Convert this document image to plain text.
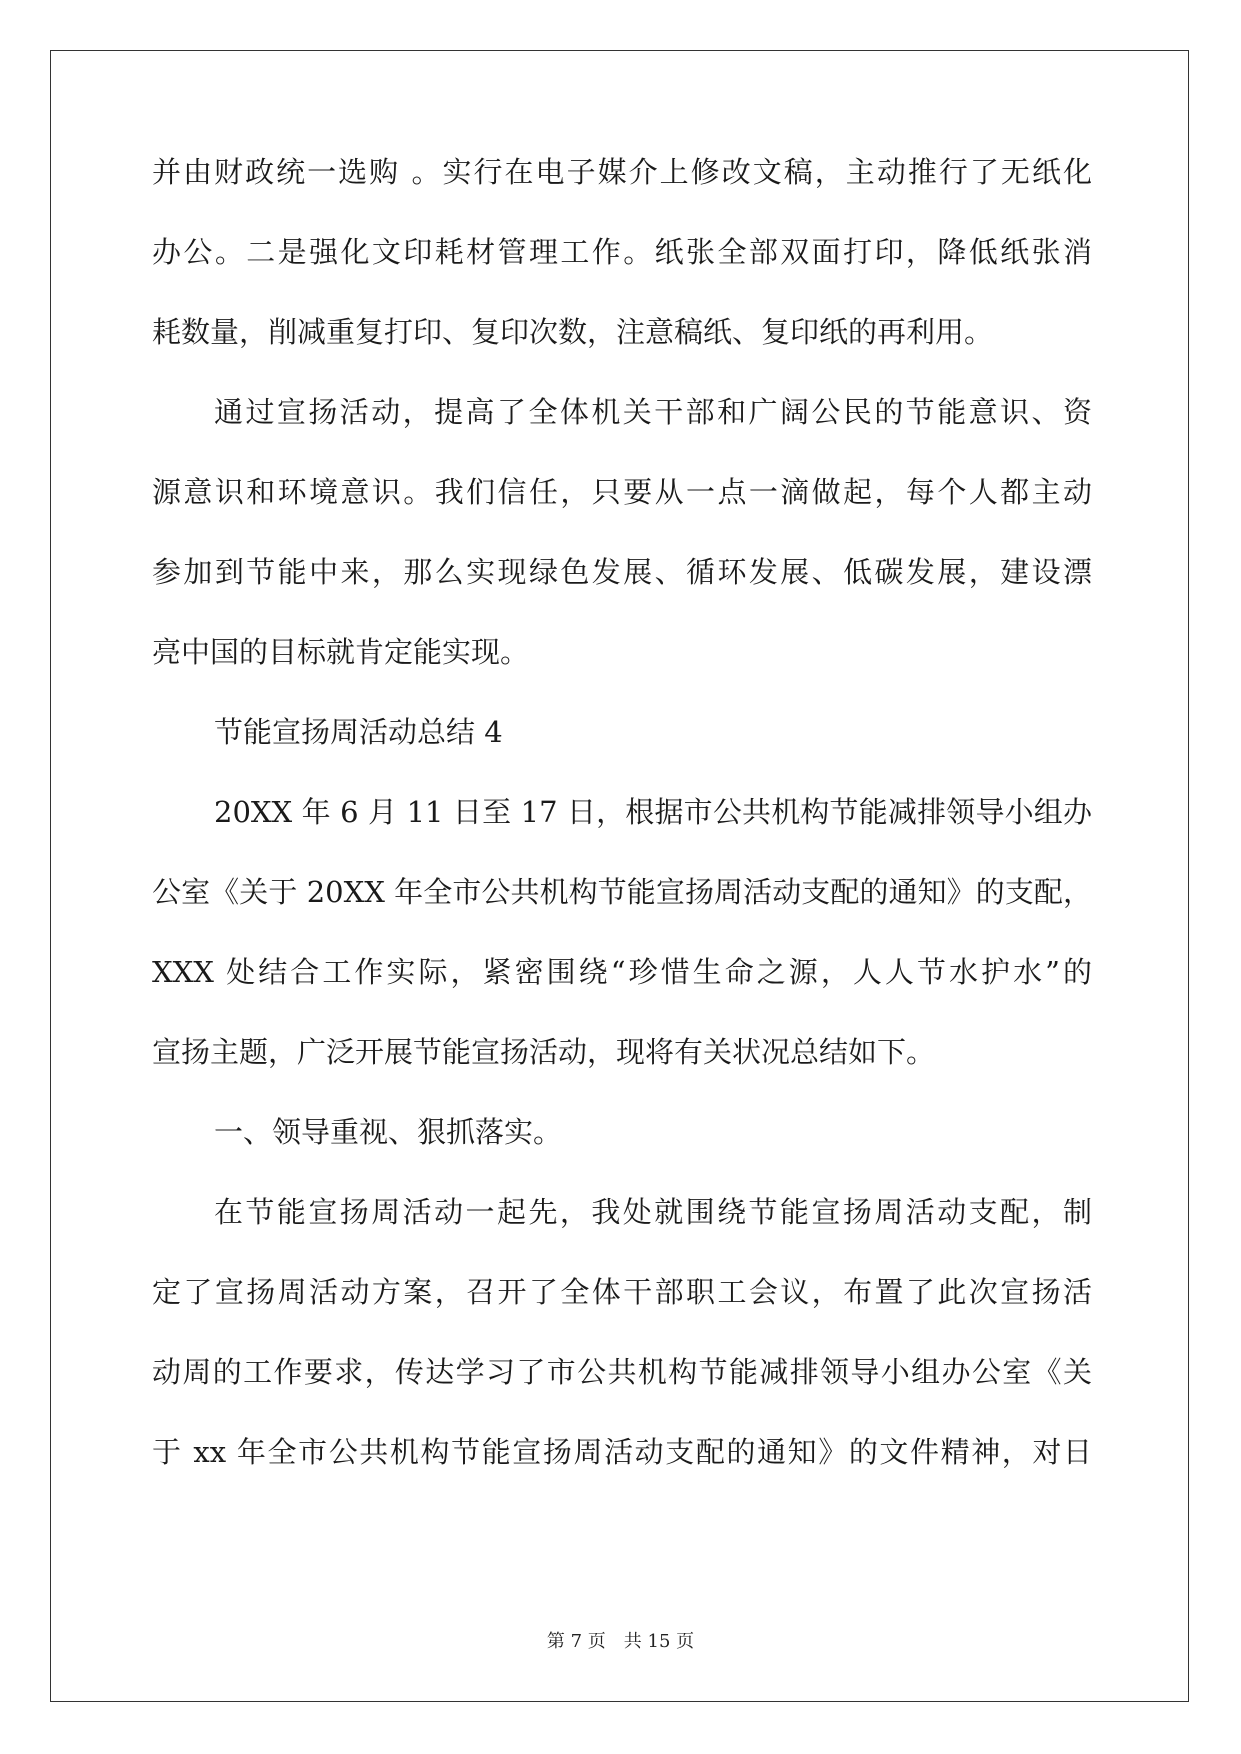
并由财政统一选购 。实行在电子媒介上修改文稿，主动推行了无纸化
办公。二是强化文印耗材管理工作。纸张全部双面打印，降低纸张消
耗数量，削减重复打印、复印次数，注意稿纸、复印纸的再利用。
通过宣扬活动，提高了全体机关干部和广阔公民的节能意识、资
源意识和环境意识。我们信任，只要从一点一滴做起，每个人都主动
参加到节能中来，那么实现绿色发展、循环发展、低碳发展，建设漂
亮中国的目标就肯定能实现。
节能宣扬周活动总结 4
20XX 年 6 月 11 日至 17 日，根据市公共机构节能减排领导小组办
公室《关于 20XX 年全市公共机构节能宣扬周活动支配的通知》的支配，
XXX 处结合工作实际，紧密围绕“珍惜生命之源，人人节水护水”的
宣扬主题，广泛开展节能宣扬活动，现将有关状况总结如下。
一、领导重视、狠抓落实。
在节能宣扬周活动一起先，我处就围绕节能宣扬周活动支配，制
定了宣扬周活动方案，召开了全体干部职工会议，布置了此次宣扬活
动周的工作要求，传达学习了市公共机构节能减排领导小组办公室《关
于 xx 年全市公共机构节能宣扬周活动支配的通知》的文件精神，对日
第 7 页　共 15 页
